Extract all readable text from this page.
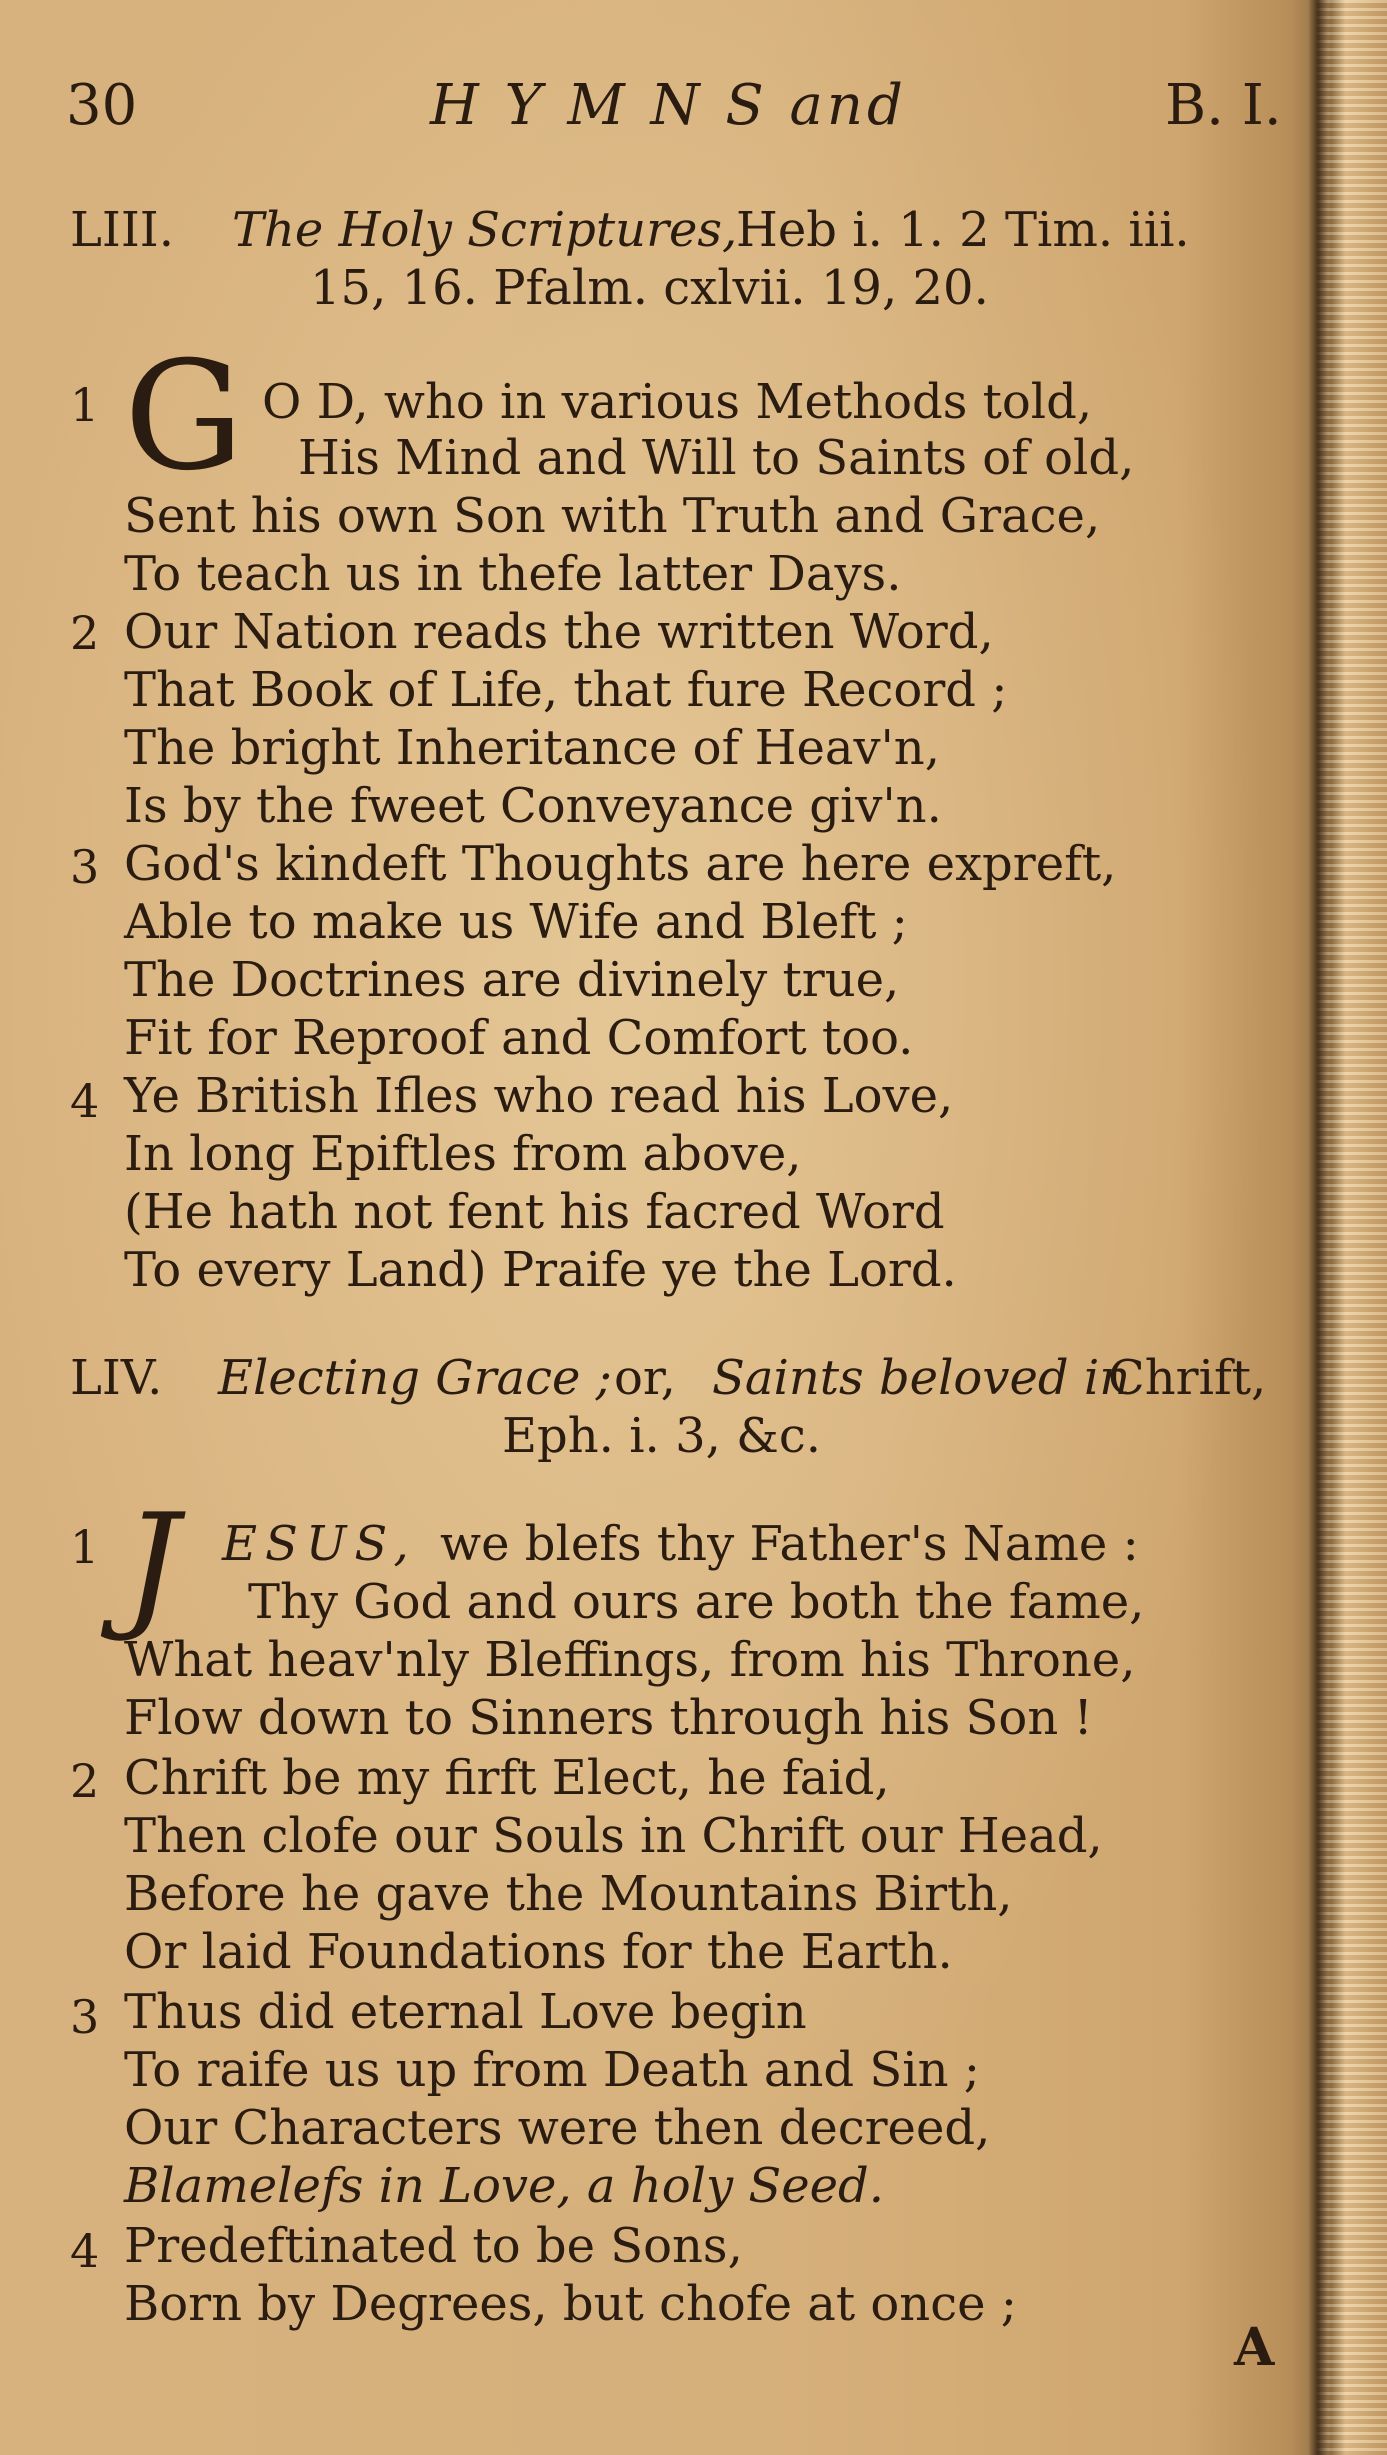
30	H Y M N S and	B. I.
LIII. The Holy Scriptures,
Heb i. 1. 2 Tim. iii.
15, 16. Pfalm. cxlvii. 19, 20.
1 G O D, who in various Methods told,
His Mind and Will to Saints of old,
Sent his own Son with Truth and Grace,
To teach us in thefe latter Days.
2 Our Nation reads the written Word,
That Book of Life, that fure Record ;
The bright Inheritance of Heav'n,
Is by the fweet Conveyance giv'n.
3 God's kindeft Thoughts are here expreft,
Able to make us Wife and Bleft ;
The Doctrines are divinely true,
Fit for Reproof and Comfort too.
4 Ye British Ifles who read his Love,
In long Epiftles from above,
(He hath not fent his facred Word
To every Land) Praife ye the Lord.
LIV. Electing Grace ; or, Saints beloved in
Chrift,
Eph. i. 3, &c.
1 J ESUS, we blefs thy Father's Name :
Thy God and ours are both the fame,
What heav'nly Bleffings, from his Throne,
Flow down to Sinners through his Son !
2 Chrift be my firft Elect, he faid,
Then clofe our Souls in Chrift our Head,
Before he gave the Mountains Birth,
Or laid Foundations for the Earth.
3 Thus did eternal Love begin
To raife us up from Death and Sin ;
Our Characters were then decreed,
Blamelefs in Love, a holy Seed.
4 Predeftinated to be Sons,
Born by Degrees, but chofe at once ;
A
